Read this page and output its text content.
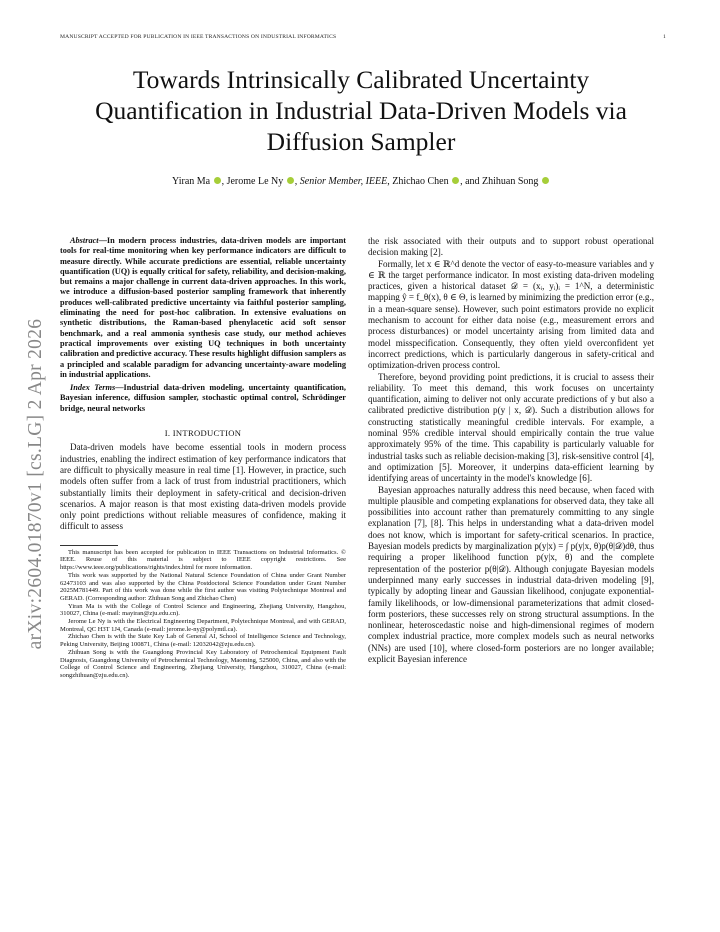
MANUSCRIPT ACCEPTED FOR PUBLICATION IN IEEE TRANSACTIONS ON INDUSTRIAL INFORMATICS	1
arXiv:2604.01870v1 [cs.LG] 2 Apr 2026
Towards Intrinsically Calibrated Uncertainty
Quantification in Industrial Data-Driven Models via
Diffusion Sampler
Yiran Ma , Jerome Le Ny , Senior Member, IEEE, Zhichao Chen , and Zhihuan Song

Abstract—In modern process industries, data-driven models are important tools for real-time monitoring when key performance indicators are difficult to measure directly. While accurate predictions are essential, reliable uncertainty quantification (UQ) is equally critical for safety, reliability, and decision-making, but remains a major challenge in current data-driven approaches. In this work, we introduce a diffusion-based posterior sampling framework that inherently produces well-calibrated predictive uncertainty via faithful posterior sampling, eliminating the need for post-hoc calibration. In extensive evaluations on synthetic distributions, the Raman-based phenylacetic acid soft sensor benchmark, and a real ammonia synthesis case study, our method achieves practical improvements over existing UQ techniques in both uncertainty calibration and predictive accuracy. These results highlight diffusion samplers as a principled and scalable paradigm for advancing uncertainty-aware modeling in industrial applications.

Index Terms—Industrial data-driven modeling, uncertainty quantification, Bayesian inference, diffusion sampler, stochastic optimal control, Schrödinger bridge, neural networks

I. INTRODUCTION

Data-driven models have become essential tools in modern process industries, enabling the indirect estimation of key performance indicators that are difficult to physically measure in real time [1]. However, in practice, such models often suffer from a lack of trust from industrial practitioners, which substantially limits their deployment in safety-critical and decision-driven scenarios. A major reason is that most existing data-driven models provide only point predictions without reliable measures of confidence, making it difficult to assess

This manuscript has been accepted for publication in IEEE Transactions on Industrial Informatics. © IEEE. Reuse of this material is subject to IEEE copyright restrictions. See https://www.ieee.org/publications/rights/index.html for more information.

This work was supported by the National Natural Science Foundation of China under Grant Number 62473103 and was also supported by the China Postdoctoral Science Foundation under Grant Number 2025M781449. Part of this work was done while the first author was visiting Polytechnique Montreal and GERAD. (Corresponding author: Zhihuan Song and Zhichao Chen)

Yiran Ma is with the College of Control Science and Engineering, Zhejiang University, Hangzhou, 310027, China (e-mail: mayiran@zju.edu.cn).

Jerome Le Ny is with the Electrical Engineering Department, Polytechnique Montreal, and with GERAD, Montreal, QC H3T 1J4, Canada (e-mail: jerome.le-ny@polymtl.ca).

Zhichao Chen is with the State Key Lab of General AI, School of Intelligence Science and Technology, Peking University, Beijing 100871, China (e-mail: 12032042@zju.edu.cn).

Zhihuan Song is with the Guangdong Provincial Key Laboratory of Petrochemical Equipment Fault Diagnosis, Guangdong University of Petrochemical Technology, Maoming, 525000, China, and also with the College of Control Science and Engineering, Zhejiang University, Hangzhou, 310027, China (e-mail: songzhihuan@zju.edu.cn).

the risk associated with their outputs and to support robust operational decision making [2].

Formally, let x ∈ ℝ^d denote the vector of easy-to-measure variables and y ∈ ℝ the target performance indicator. In most existing data-driven modeling practices, given a historical dataset 𝒟 = (xᵢ, yᵢ)ᵢ = 1^N, a deterministic mapping ŷ = f_θ(x), θ ∈ Θ, is learned by minimizing the prediction error (e.g., in a mean-square sense). However, such point estimators provide no explicit mechanism to account for either data noise (e.g., measurement errors and process disturbances) or model uncertainty arising from limited data and model misspecification. Consequently, they often yield overconfident yet incorrect predictions, which is particularly dangerous in safety-critical and optimization-driven process control.

Therefore, beyond providing point predictions, it is crucial to assess their reliability. To meet this demand, this work focuses on uncertainty quantification, aiming to deliver not only accurate predictions of y but also a calibrated predictive distribution p(y | x, 𝒟). Such a distribution allows for constructing statistically meaningful credible intervals. For example, a nominal 95% credible interval should empirically contain the true value approximately 95% of the time. This capability is particularly valuable for industrial tasks such as reliable decision-making [3], risk-sensitive control [4], and optimization [5]. Moreover, it underpins data-efficient learning by identifying areas of uncertainty in the model's knowledge [6].

Bayesian approaches naturally address this need because, when faced with multiple plausible and competing explanations for observed data, they take all possibilities into account rather than prematurely committing to any single explanation [7], [8]. This helps in understanding what a data-driven model does not know, which is important for safety-critical scenarios. In practice, Bayesian models predicts by marginalization p(y|x) = ∫ p(y|x, θ)p(θ|𝒟)dθ, thus requiring a proper likelihood function p(y|x, θ) and the complete representation of the posterior p(θ|𝒟). Although conjugate Bayesian models underpinned many early successes in industrial data-driven modeling [9], typically by adopting linear and Gaussian likelihood, conjugate exponential-family likelihoods, or low-dimensional parameterizations that admit closed-form posteriors, these successes rely on strong structural assumptions. In the nonlinear, heteroscedastic noise and high-dimensional regimes of modern complex industrial practice, more complex models such as neural networks (NNs) are used [10], where closed-form posteriors are no longer available; explicit Bayesian inference
